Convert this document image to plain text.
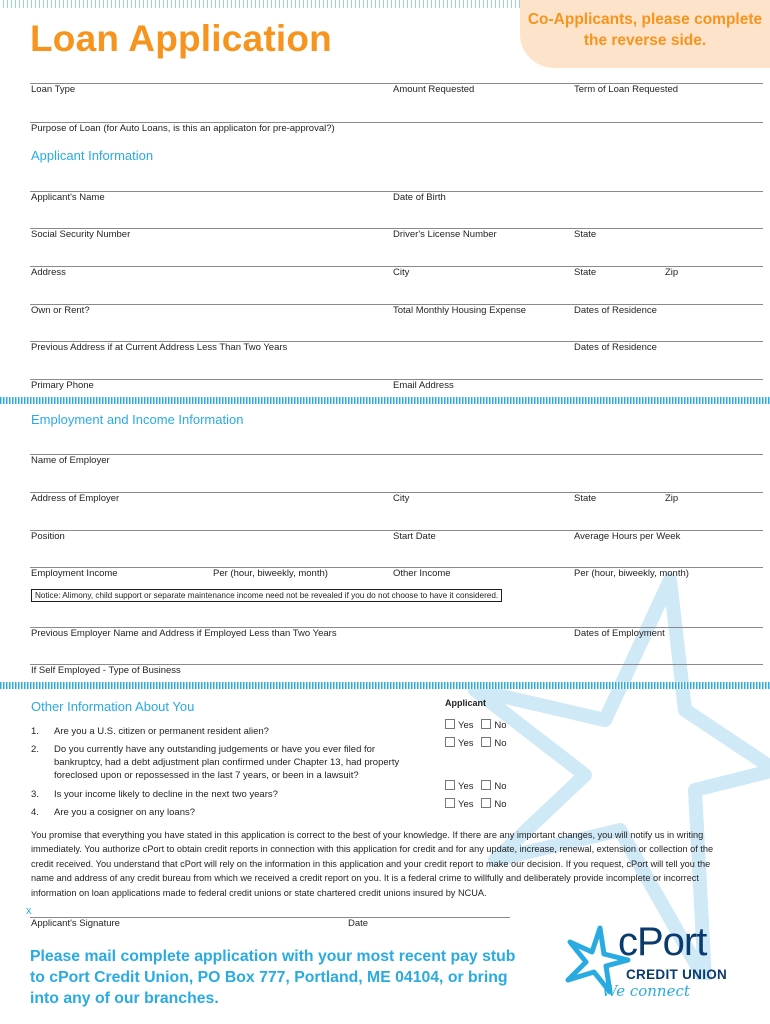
Co-Applicants, please complete the reverse side.
Loan Application
Loan Type	Amount Requested	Term of Loan Requested
Purpose of Loan (for Auto Loans, is this an applicaton for pre-approval?)
Applicant Information
Applicant's Name	Date of Birth
Social Security Number	Driver's License Number	State
Address	City	State	Zip
Own or Rent?	Total Monthly Housing Expense	Dates of Residence
Previous Address if at Current Address Less Than Two Years	Dates of Residence
Primary Phone	Email Address
Employment and Income Information
Name of Employer
Address of Employer	City	State	Zip
Position	Start Date	Average Hours per Week
Employment Income	Per (hour, biweekly, month)	Other Income	Per (hour, biweekly, month)
Notice: Alimony, child support or separate maintenance income need not be revealed if you do not choose to have it considered.
Previous Employer Name and Address if Employed Less than Two Years	Dates of Employment
If Self Employed - Type of Business
Other Information About You	Applicant
1. Are you a U.S. citizen or permanent resident alien?
2. Do you currently have any outstanding judgements or have you ever filed for bankruptcy, had a debt adjustment plan confirmed under Chapter 13, had property foreclosed upon or repossessed in the last 7 years, or been in a lawsuit?
3. Is your income likely to decline in the next two years?
4. Are you a cosigner on any loans?
Yes No
Yes No
Yes No
Yes No
You promise that everything you have stated in this application is correct to the best of your knowledge. If there are any important changes, you will notify us in writing immediately. You authorize cPort to obtain credit reports in connection with this application for credit and for any update, increase, renewal, extension or collection of the credit received. You understand that cPort will rely on the information in this application and your credit report to make our decision. If you request, cPort will tell you the name and address of any credit bureau from which we received a credit report on you. It is a federal crime to willfully and deliberately provide incomplete or incorrect information on loan applications made to federal credit unions or state chartered credit unions insured by NCUA.
x
Applicant's Signature	Date
Please mail complete application with your most recent pay stub to cPort Credit Union, PO Box 777, Portland, ME 04104, or bring into any of our branches.
cPort
CREDIT UNION
We connect
